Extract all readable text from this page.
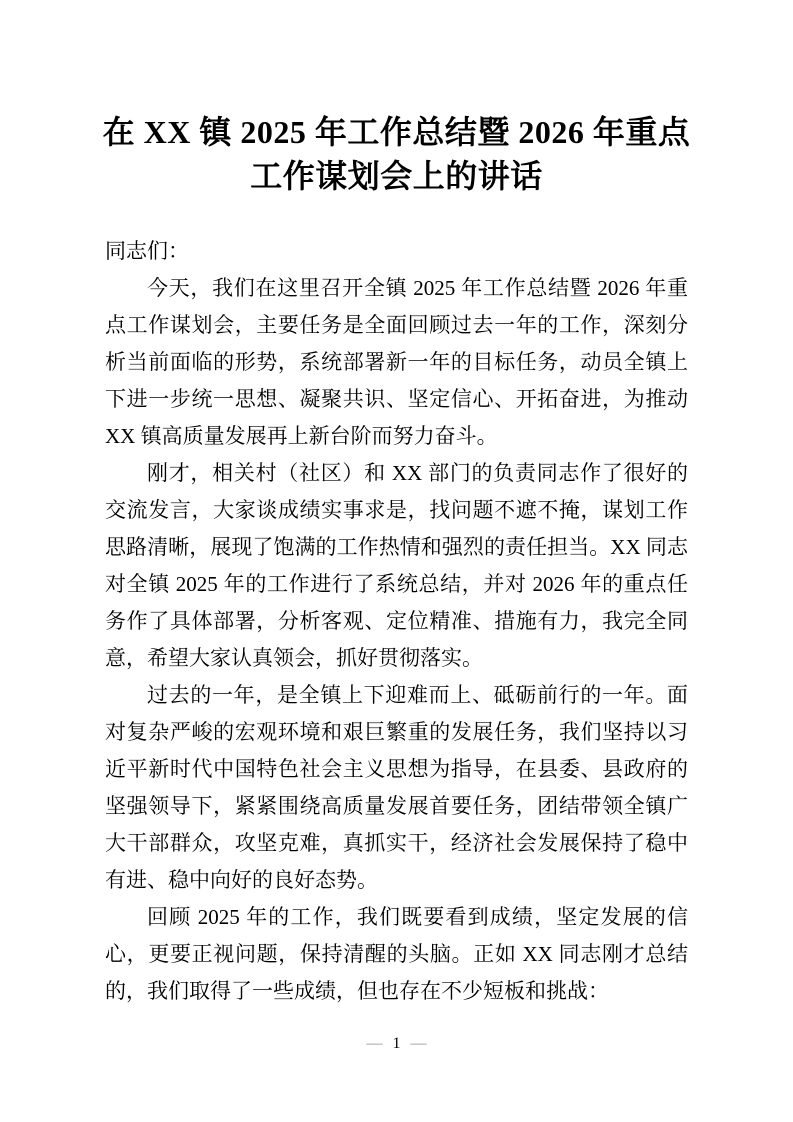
在 XX 镇 2025 年工作总结暨 2026 年重点
工作谋划会上的讲话

同志们：

今天，我们在这里召开全镇 2025 年工作总结暨 2026 年重点工作谋划会，主要任务是全面回顾过去一年的工作，深刻分析当前面临的形势，系统部署新一年的目标任务，动员全镇上下进一步统一思想、凝聚共识、坚定信心、开拓奋进，为推动 XX 镇高质量发展再上新台阶而努力奋斗。

刚才，相关村（社区）和 XX 部门的负责同志作了很好的交流发言，大家谈成绩实事求是，找问题不遮不掩，谋划工作思路清晰，展现了饱满的工作热情和强烈的责任担当。XX 同志对全镇 2025 年的工作进行了系统总结，并对 2026 年的重点任务作了具体部署，分析客观、定位精准、措施有力，我完全同意，希望大家认真领会，抓好贯彻落实。

过去的一年，是全镇上下迎难而上、砥砺前行的一年。面对复杂严峻的宏观环境和艰巨繁重的发展任务，我们坚持以习近平新时代中国特色社会主义思想为指导，在县委、县政府的坚强领导下，紧紧围绕高质量发展首要任务，团结带领全镇广大干部群众，攻坚克难，真抓实干，经济社会发展保持了稳中有进、稳中向好的良好态势。

回顾 2025 年的工作，我们既要看到成绩，坚定发展的信心，更要正视问题，保持清醒的头脑。正如 XX 同志刚才总结的，我们取得了一些成绩，但也存在不少短板和挑战：

— 1 —
